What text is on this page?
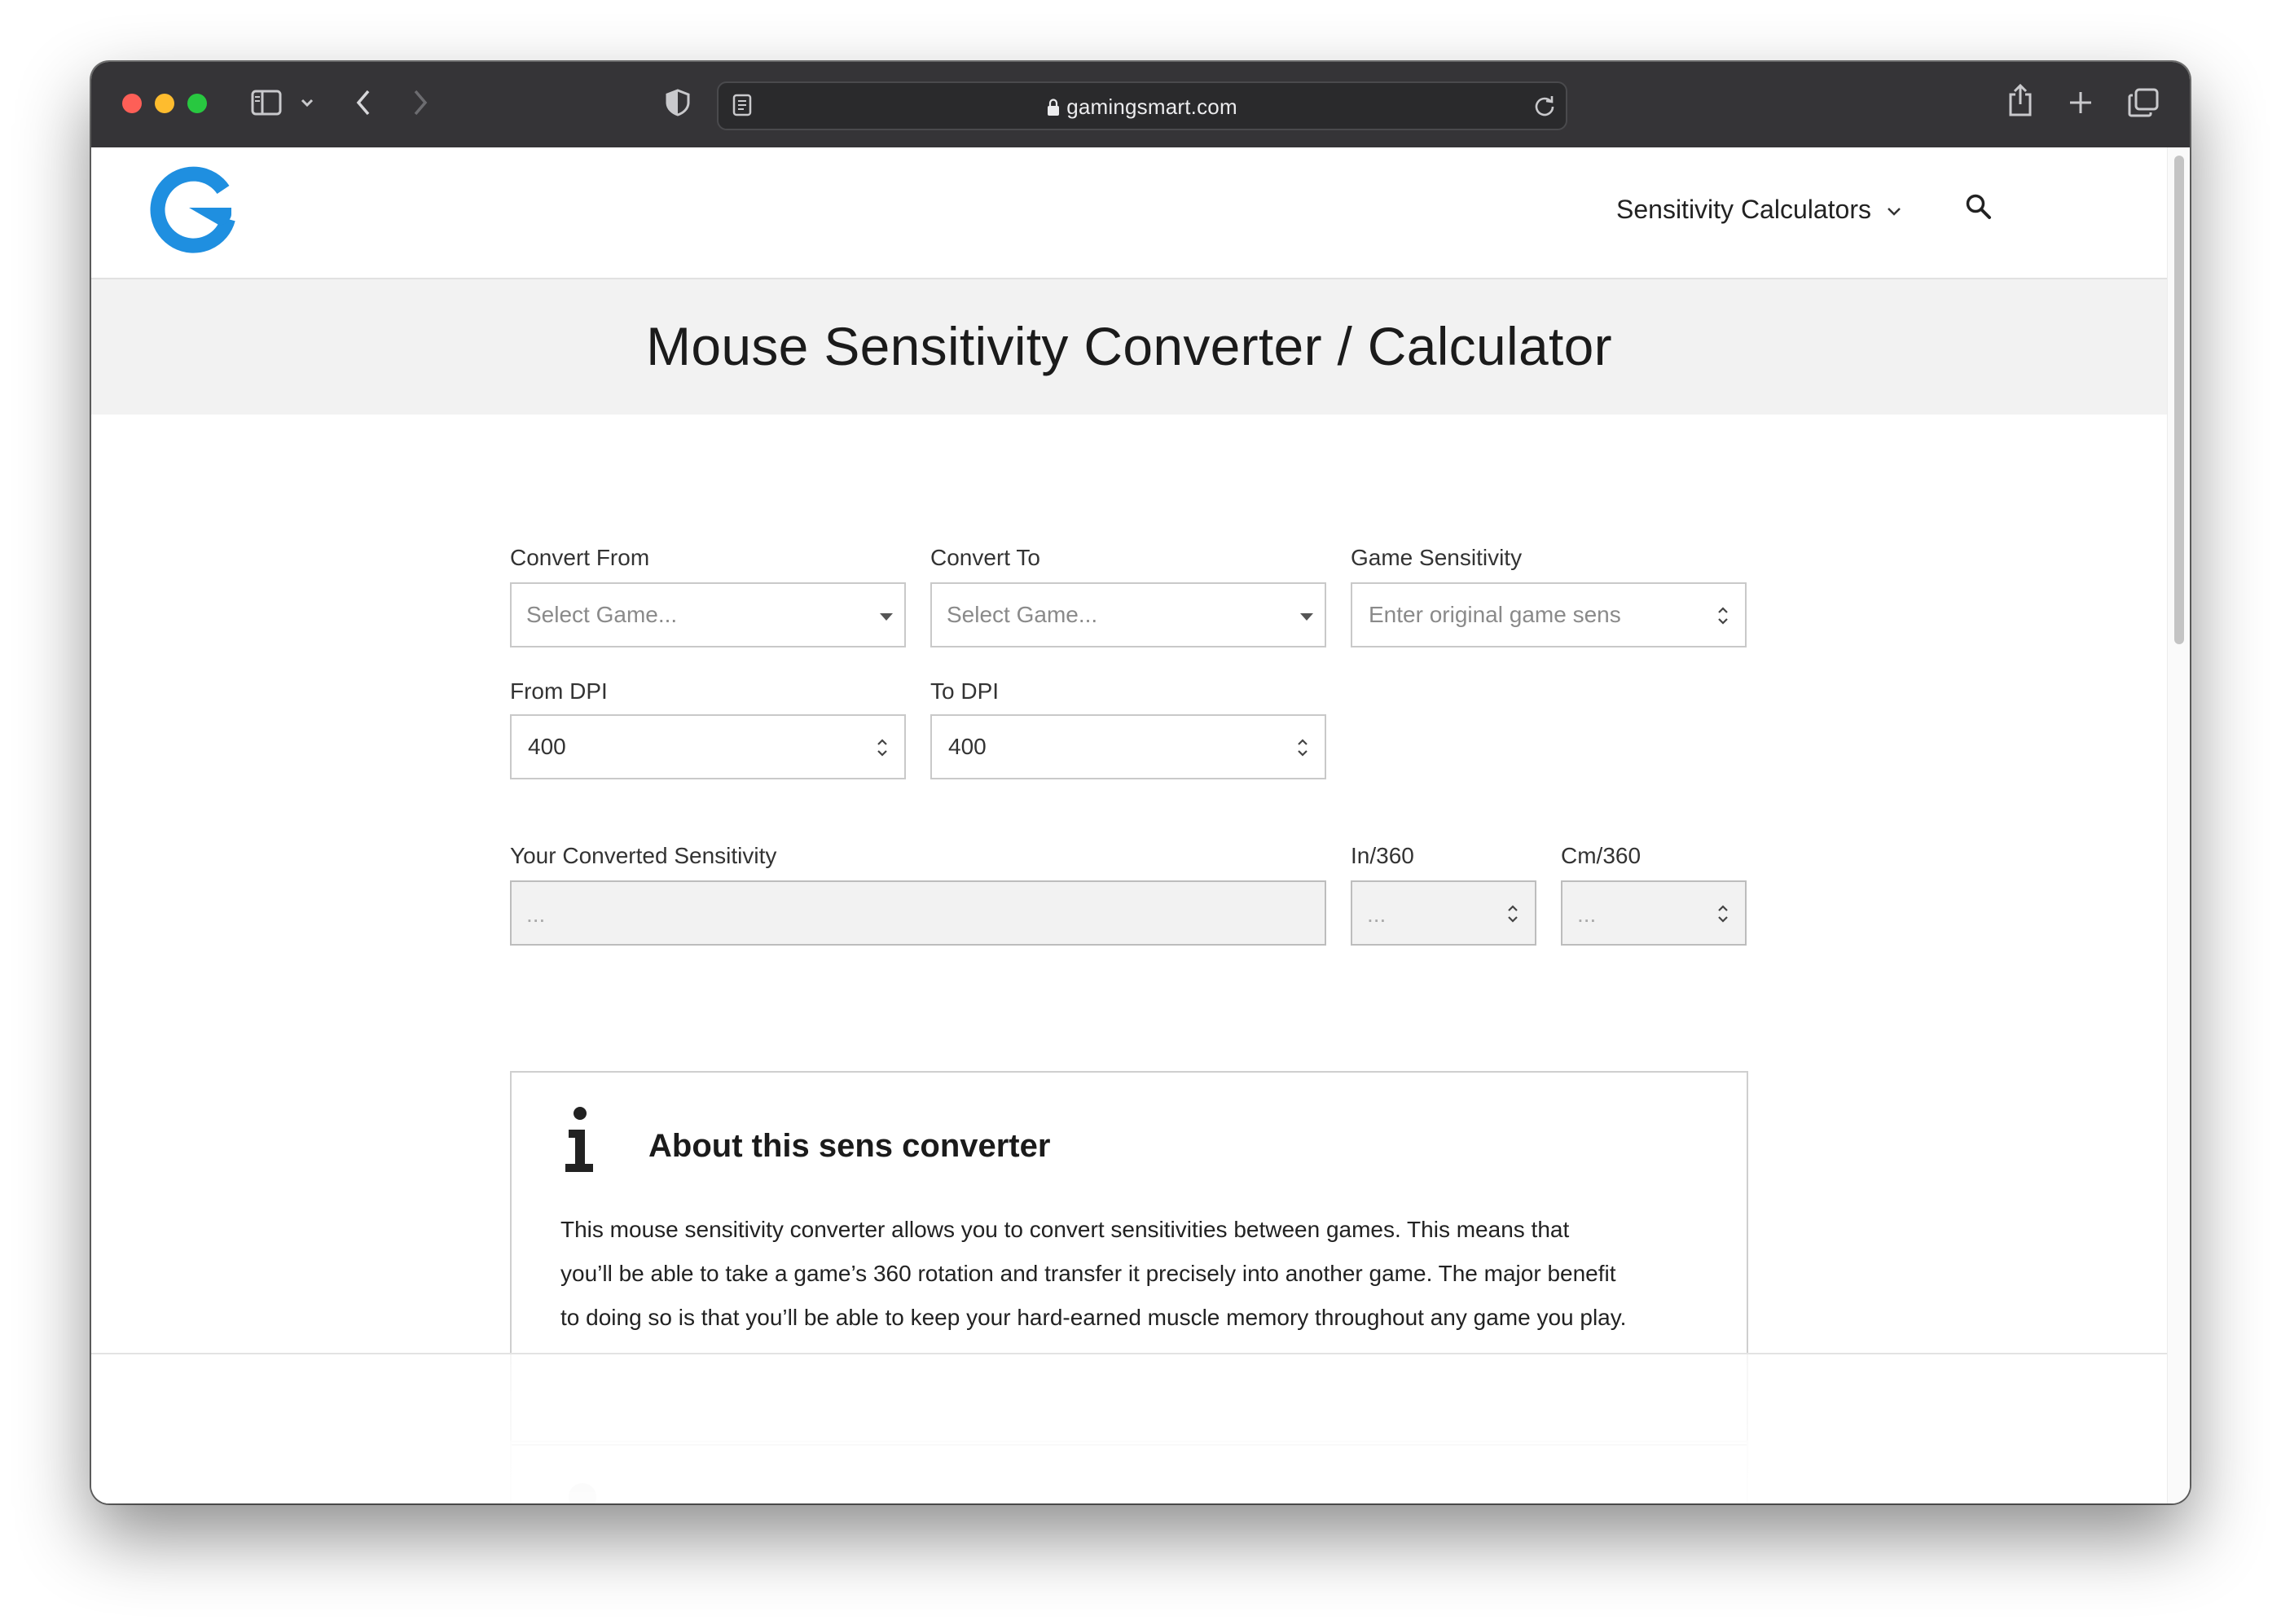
gamingsmart.com
Sensitivity Calculators
Mouse Sensitivity Converter / Calculator
Convert From
Select Game...
Convert To
Select Game...
Game Sensitivity
Enter original game sens
From DPI
400
To DPI
400
Your Converted Sensitivity
...
In/360
...
Cm/360
...
About this sens converter
This mouse sensitivity converter allows you to convert sensitivities between games. This means that
you’ll be able to take a game’s 360 rotation and transfer it precisely into another game. The major benefit
to doing so is that you’ll be able to keep your hard-earned muscle memory throughout any game you play.
